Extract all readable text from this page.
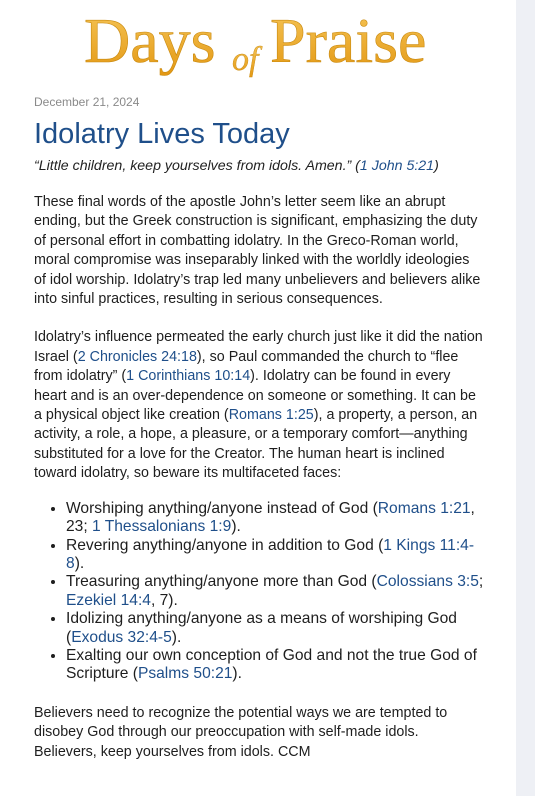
Days of Praise

December 21, 2024

Idolatry Lives Today

“Little children, keep yourselves from idols. Amen.” (1 John 5:21)

These final words of the apostle John’s letter seem like an abrupt ending, but the Greek construction is significant, emphasizing the duty of personal effort in combatting idolatry. In the Greco-Roman world, moral compromise was inseparably linked with the worldly ideologies of idol worship. Idolatry’s trap led many unbelievers and believers alike into sinful practices, resulting in serious consequences.

Idolatry’s influence permeated the early church just like it did the nation Israel (2 Chronicles 24:18), so Paul commanded the church to “flee from idolatry” (1 Corinthians 10:14). Idolatry can be found in every heart and is an over-dependence on someone or something. It can be a physical object like creation (Romans 1:25), a property, a person, an activity, a role, a hope, a pleasure, or a temporary comfort—anything substituted for a love for the Creator. The human heart is inclined toward idolatry, so beware its multifaceted faces:

• Worshiping anything/anyone instead of God (Romans 1:21, 23; 1 Thessalonians 1:9).
• Revering anything/anyone in addition to God (1 Kings 11:4-8).
• Treasuring anything/anyone more than God (Colossians 3:5; Ezekiel 14:4, 7).
• Idolizing anything/anyone as a means of worshiping God (Exodus 32:4-5).
• Exalting our own conception of God and not the true God of Scripture (Psalms 50:21).

Believers need to recognize the potential ways we are tempted to disobey God through our preoccupation with self-made idols. Believers, keep yourselves from idols. CCM
